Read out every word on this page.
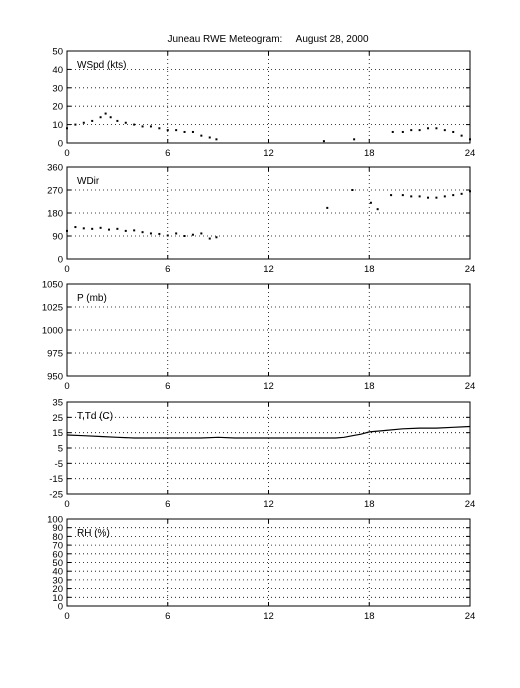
Juneau RWE Meteogram:     August 28, 2000
0
10
20
30
40
50
0	6	12	18	24
WSpd (kts)
0
90
180
270
360
0	6	12	18	24
WDir
950
975
1000
1025
1050
0	6	12	18	24
P (mb)
-25
-15
-5
5
15
25
35
0	6	12	18	24
T,Td (C)
0
10
20
30
40
50
60
70
80
90
100
0	6	12	18	24
RH (%)
